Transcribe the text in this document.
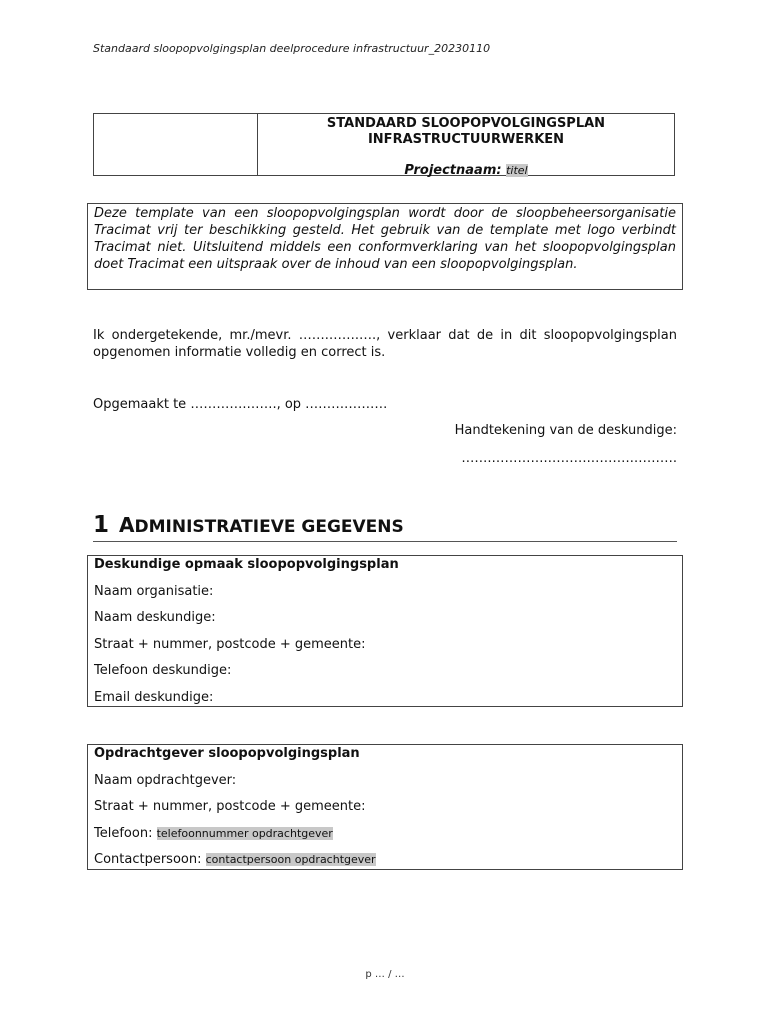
Standaard sloopopvolgingsplan deelprocedure infrastructuur_20230110
STANDAARD SLOOPOPVOLGINGSPLAN
INFRASTRUCTUURWERKEN
Projectnaam: titel
Deze template van een sloopopvolgingsplan wordt door de sloopbeheersorganisatie Tracimat vrij ter beschikking gesteld. Het gebruik van de template met logo verbindt Tracimat niet. Uitsluitend middels een conformverklaring van het sloopopvolgingsplan doet Tracimat een uitspraak over de inhoud van een sloopopvolgingsplan.
Ik ondergetekende, mr./mevr. …….…….…., verklaar dat de in dit sloopopvolgingsplan opgenomen informatie volledig en correct is.
Opgemaakt te ………….……., op ……….………
Handtekening van de deskundige:
…….………….……….……….……….
1 ADMINISTRATIEVE GEGEVENS
Deskundige opmaak sloopopvolgingsplan
Naam organisatie:
Naam deskundige:
Straat + nummer, postcode + gemeente:
Telefoon deskundige:
Email deskundige:
Opdrachtgever sloopopvolgingsplan
Naam opdrachtgever:
Straat + nummer, postcode + gemeente:
Telefoon: telefoonnummer opdrachtgever
Contactpersoon: contactpersoon opdrachtgever
p … / …
